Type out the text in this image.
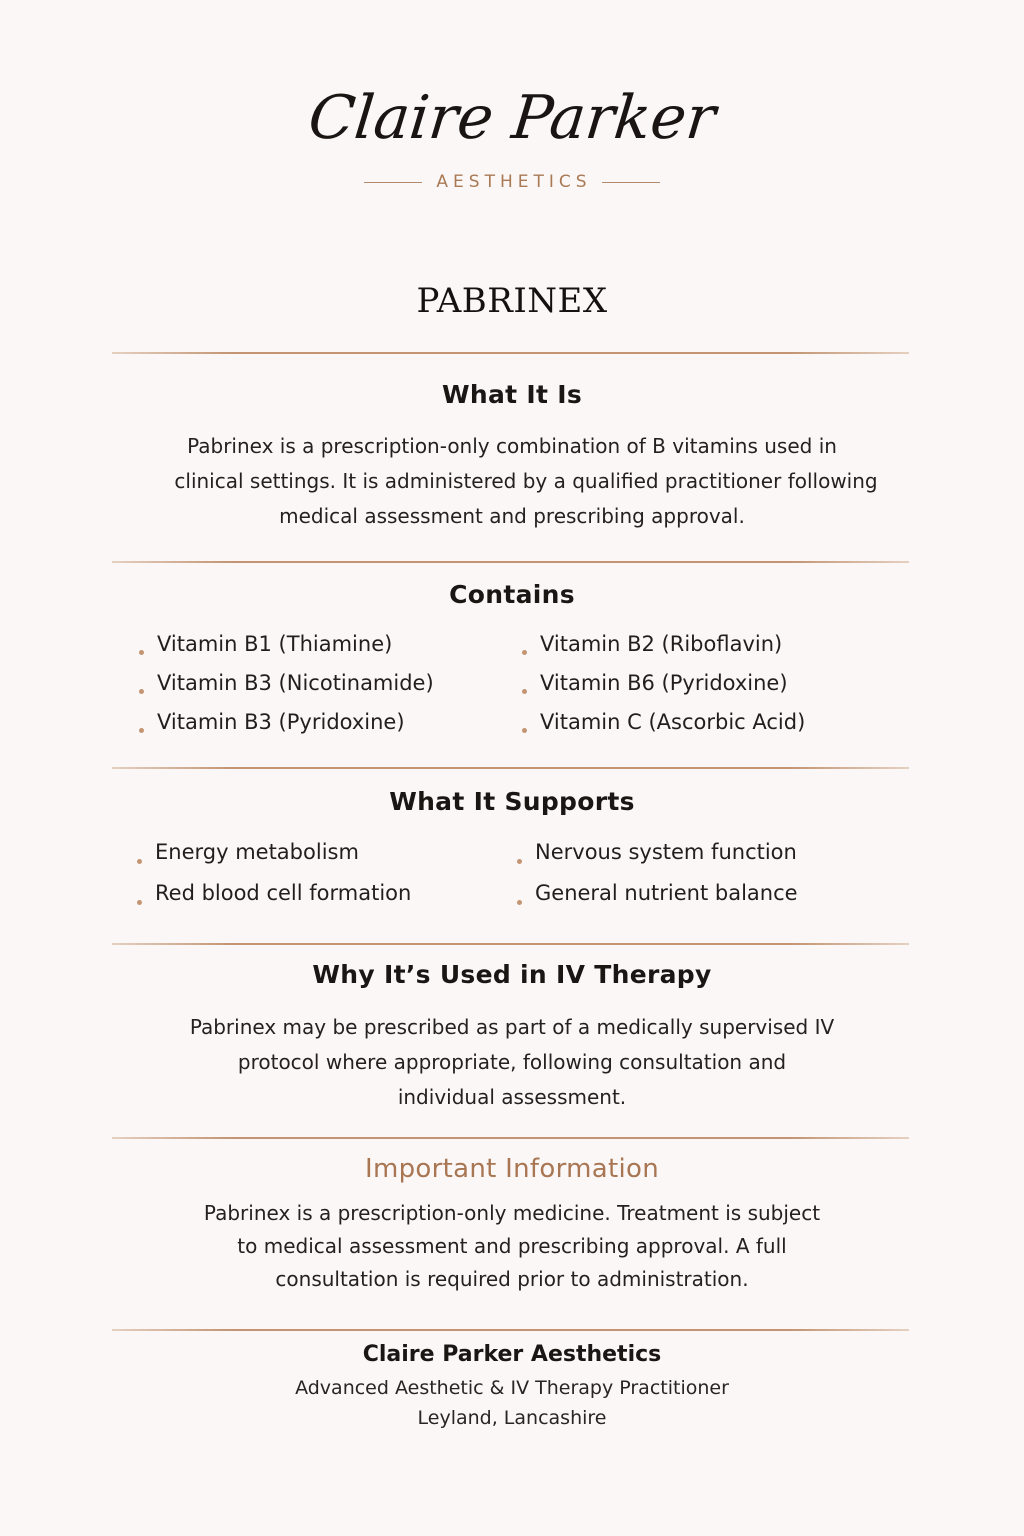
Claire Parker
AESTHETICS
PABRINEX
What It Is
Pabrinex is a prescription-only combination of B vitamins used in
clinical settings. It is administered by a qualified practitioner following
medical assessment and prescribing approval.
Contains
Vitamin B1 (Thiamine)
Vitamin B3 (Nicotinamide)
Vitamin B3 (Pyridoxine)
Vitamin B2 (Riboflavin)
Vitamin B6 (Pyridoxine)
Vitamin C (Ascorbic Acid)
What It Supports
Energy metabolism
Red blood cell formation
Nervous system function
General nutrient balance
Why It’s Used in IV Therapy
Pabrinex may be prescribed as part of a medically supervised IV
protocol where appropriate, following consultation and
individual assessment.
Important Information
Pabrinex is a prescription-only medicine. Treatment is subject
to medical assessment and prescribing approval. A full
consultation is required prior to administration.
Claire Parker Aesthetics
Advanced Aesthetic & IV Therapy Practitioner
Leyland, Lancashire
